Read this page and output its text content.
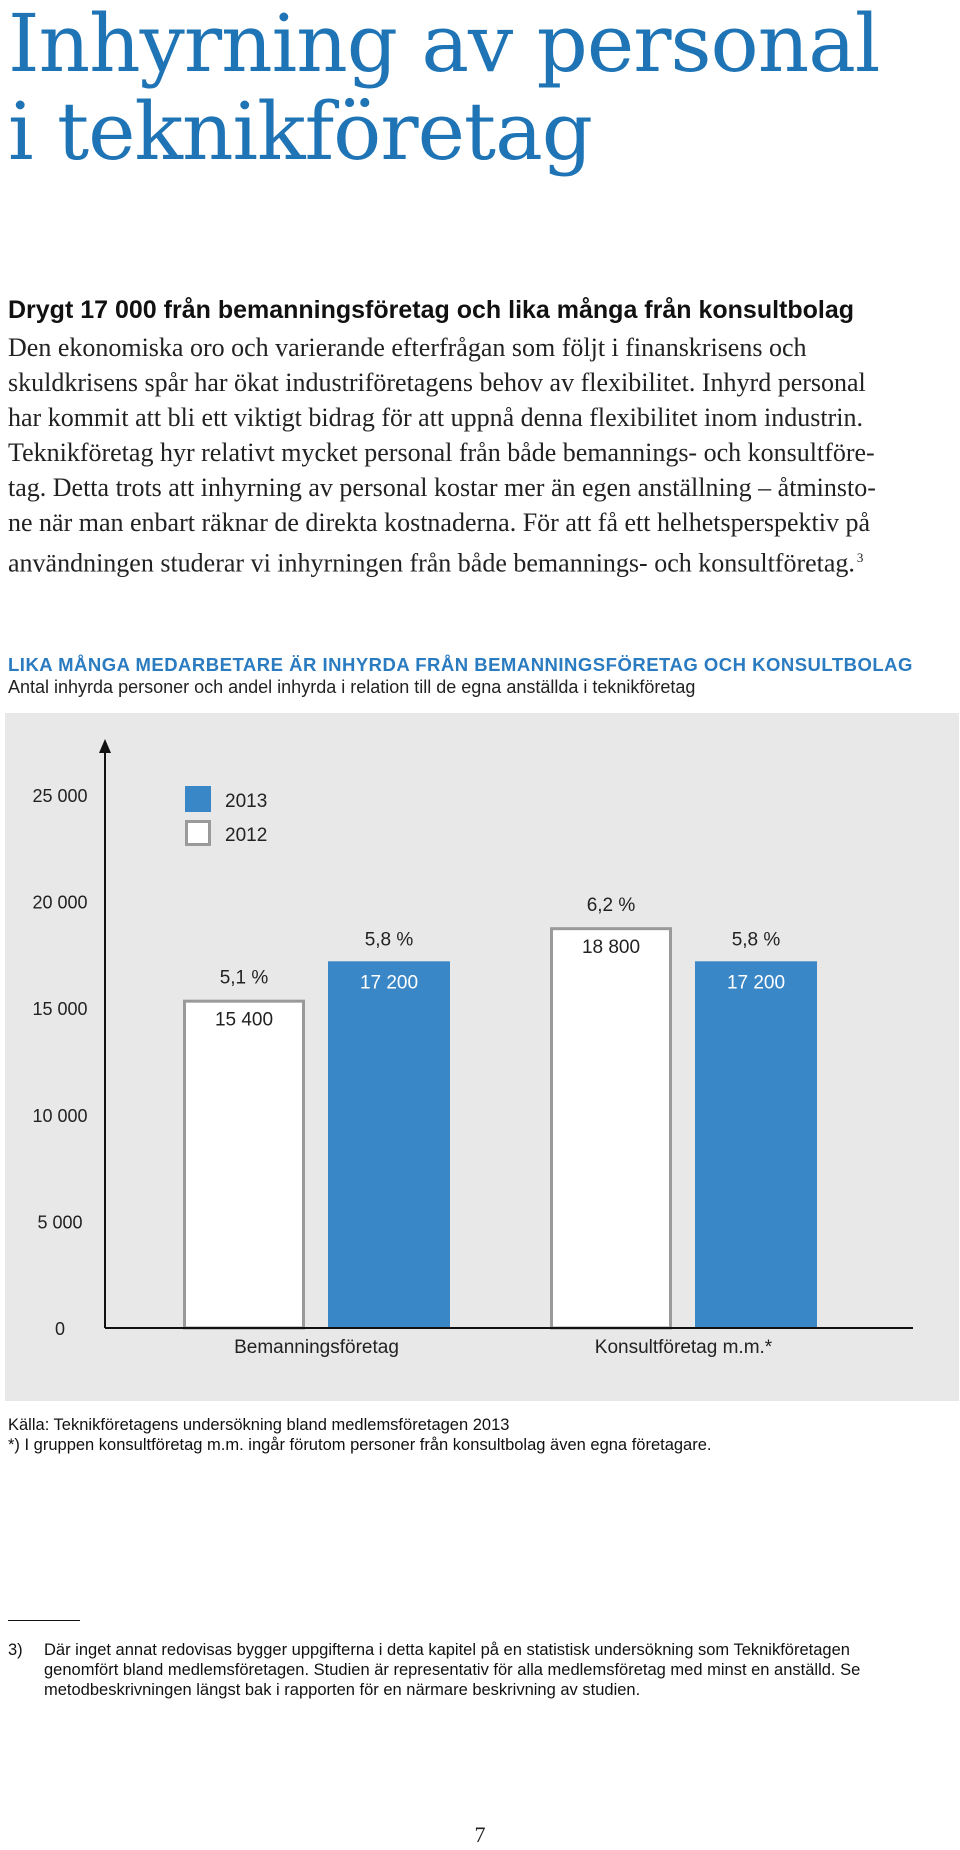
Inhyrning av personal
i teknikföretag
Drygt 17 000 från bemanningsföretag och lika många från konsultbolag
Den ekonomiska oro och varierande efterfrågan som följt i finanskrisens och
skuldkrisens spår har ökat industriföretagens behov av flexibilitet. Inhyrd personal
har kommit att bli ett viktigt bidrag för att uppnå denna flexibilitet inom industrin.
Teknikföretag hyr relativt mycket personal från både bemannings- och konsultföre-
tag. Detta trots att inhyrning av personal kostar mer än egen anställning – åtminsto-
ne när man enbart räknar de direkta kostnaderna. För att få ett helhetsperspektiv på
användningen studerar vi inhyrningen från både bemannings- och konsultföretag. $^3$
LIKA MÅNGA MEDARBETARE ÄR INHYRDA FRÅN BEMANNINGSFÖRETAG OCH KONSULTBOLAG
Antal inhyrda personer och andel inhyrda i relation till de egna anställda i teknikföretag
0
5 000
10 000
15 000
20 000
25 000
15 400
5,1 %	17 200
5,8 %
Bemanningsföretag
18 800
6,2 %
17 200
5,8 %
Konsultföretag m.m.*
2013
2012
Källa: Teknikföretagens undersökning bland medlemsföretagen 2013
*) I gruppen konsultföretag m.m. ingår förutom personer från konsultbolag även egna företagare.
3) Där inget annat redovisas bygger uppgifterna i detta kapitel på en statistisk undersökning som Teknikföretagen
genomfört bland medlemsföretagen. Studien är representativ för alla medlemsföretag med minst en anställd. Se
metodbeskrivningen längst bak i rapporten för en närmare beskrivning av studien.
7
